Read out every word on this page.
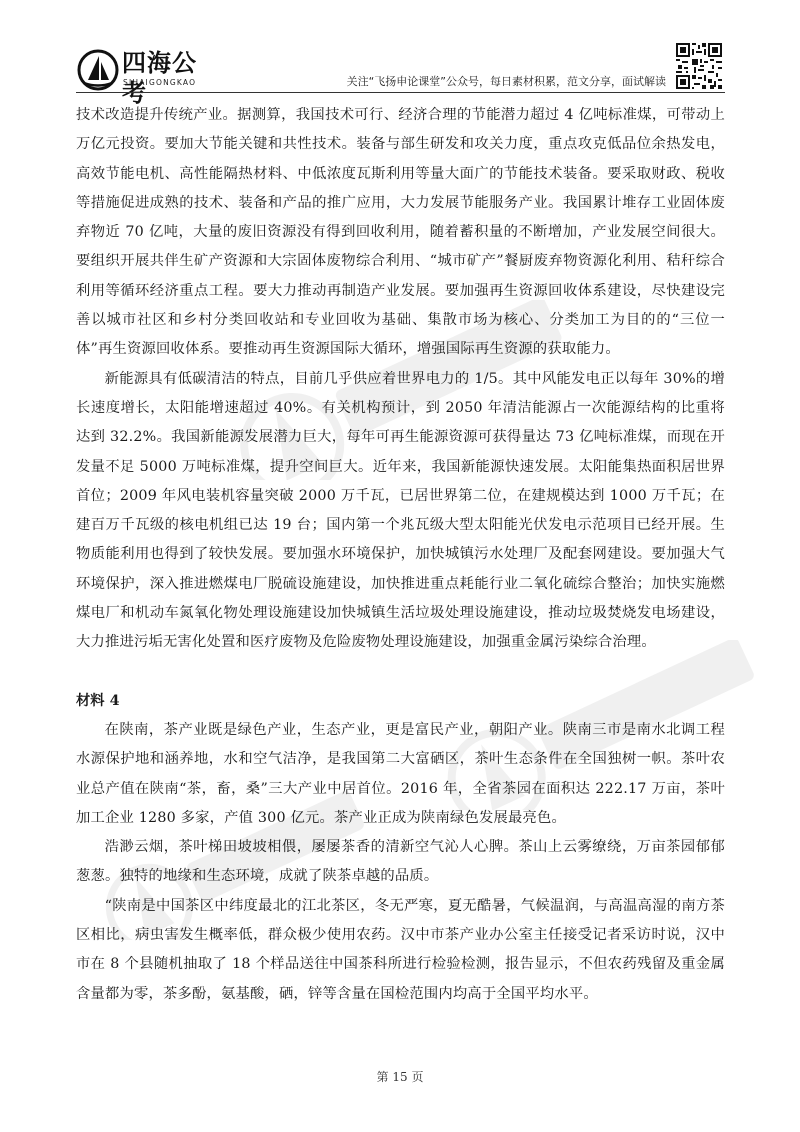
四海公考
SIHAIGONGKAO	关注“飞扬申论课堂”公众号，每日素材积累，范文分享，面试解读

技术改造提升传统产业。据测算，我国技术可行、经济合理的节能潜力超过 4 亿吨标准煤，可带动上万亿元投资。要加大节能关键和共性技术。装备与部生研发和攻关力度，重点攻克低品位余热发电，高效节能电机、高性能隔热材料、中低浓度瓦斯利用等量大面广的节能技术装备。要采取财政、税收等措施促进成熟的技术、装备和产品的推广应用，大力发展节能服务产业。我国累计堆存工业固体废弃物近 70 亿吨，大量的废旧资源没有得到回收利用，随着蓄积量的不断增加，产业发展空间很大。要组织开展共伴生矿产资源和大宗固体废物综合利用、“城市矿产”餐厨废弃物资源化利用、秸秆综合利用等循环经济重点工程。要大力推动再制造产业发展。要加强再生资源回收体系建设，尽快建设完善以城市社区和乡村分类回收站和专业回收为基础、集散市场为核心、分类加工为目的的“三位一体”再生资源回收体系。要推动再生资源国际大循环，增强国际再生资源的获取能力。

新能源具有低碳清洁的特点，目前几乎供应着世界电力的 1/5。其中风能发电正以每年 30%的增长速度增长，太阳能增速超过 40%。有关机构预计，到 2050 年清洁能源占一次能源结构的比重将达到 32.2%。我国新能源发展潜力巨大，每年可再生能源资源可获得量达 73 亿吨标准煤，而现在开发量不足 5000 万吨标准煤，提升空间巨大。近年来，我国新能源快速发展。太阳能集热面积居世界首位；2009 年风电装机容量突破 2000 万千瓦，已居世界第二位，在建规模达到 1000 万千瓦；在建百万千瓦级的核电机组已达 19 台；国内第一个兆瓦级大型太阳能光伏发电示范项目已经开展。生物质能利用也得到了较快发展。要加强水环境保护，加快城镇污水处理厂及配套网建设。要加强大气环境保护，深入推进燃煤电厂脱硫设施建设，加快推进重点耗能行业二氧化硫综合整治；加快实施燃煤电厂和机动车氮氧化物处理设施建设加快城镇生活垃圾处理设施建设，推动垃圾焚烧发电场建设，大力推进污垢无害化处置和医疗废物及危险废物处理设施建设，加强重金属污染综合治理。

材料 4

在陕南，茶产业既是绿色产业，生态产业，更是富民产业，朝阳产业。陕南三市是南水北调工程水源保护地和涵养地，水和空气洁净，是我国第二大富硒区，茶叶生态条件在全国独树一帜。茶叶农业总产值在陕南“茶，畜，桑”三大产业中居首位。2016 年，全省茶园在面积达 222.17 万亩，茶叶加工企业 1280 多家，产值 300 亿元。茶产业正成为陕南绿色发展最亮色。

浩渺云烟，茶叶梯田坡坡相偎，屡屡茶香的清新空气沁人心脾。茶山上云雾缭绕，万亩茶园郁郁葱葱。独特的地缘和生态环境，成就了陕茶卓越的品质。

“陕南是中国茶区中纬度最北的江北茶区，冬无严寒，夏无酷暑，气候温润，与高温高湿的南方茶区相比，病虫害发生概率低，群众极少使用农药。汉中市茶产业办公室主任接受记者采访时说，汉中市在 8 个县随机抽取了 18 个样品送往中国茶科所进行检验检测，报告显示，不但农药残留及重金属含量都为零，茶多酚，氨基酸，硒，锌等含量在国检范围内均高于全国平均水平。

第 15 页
